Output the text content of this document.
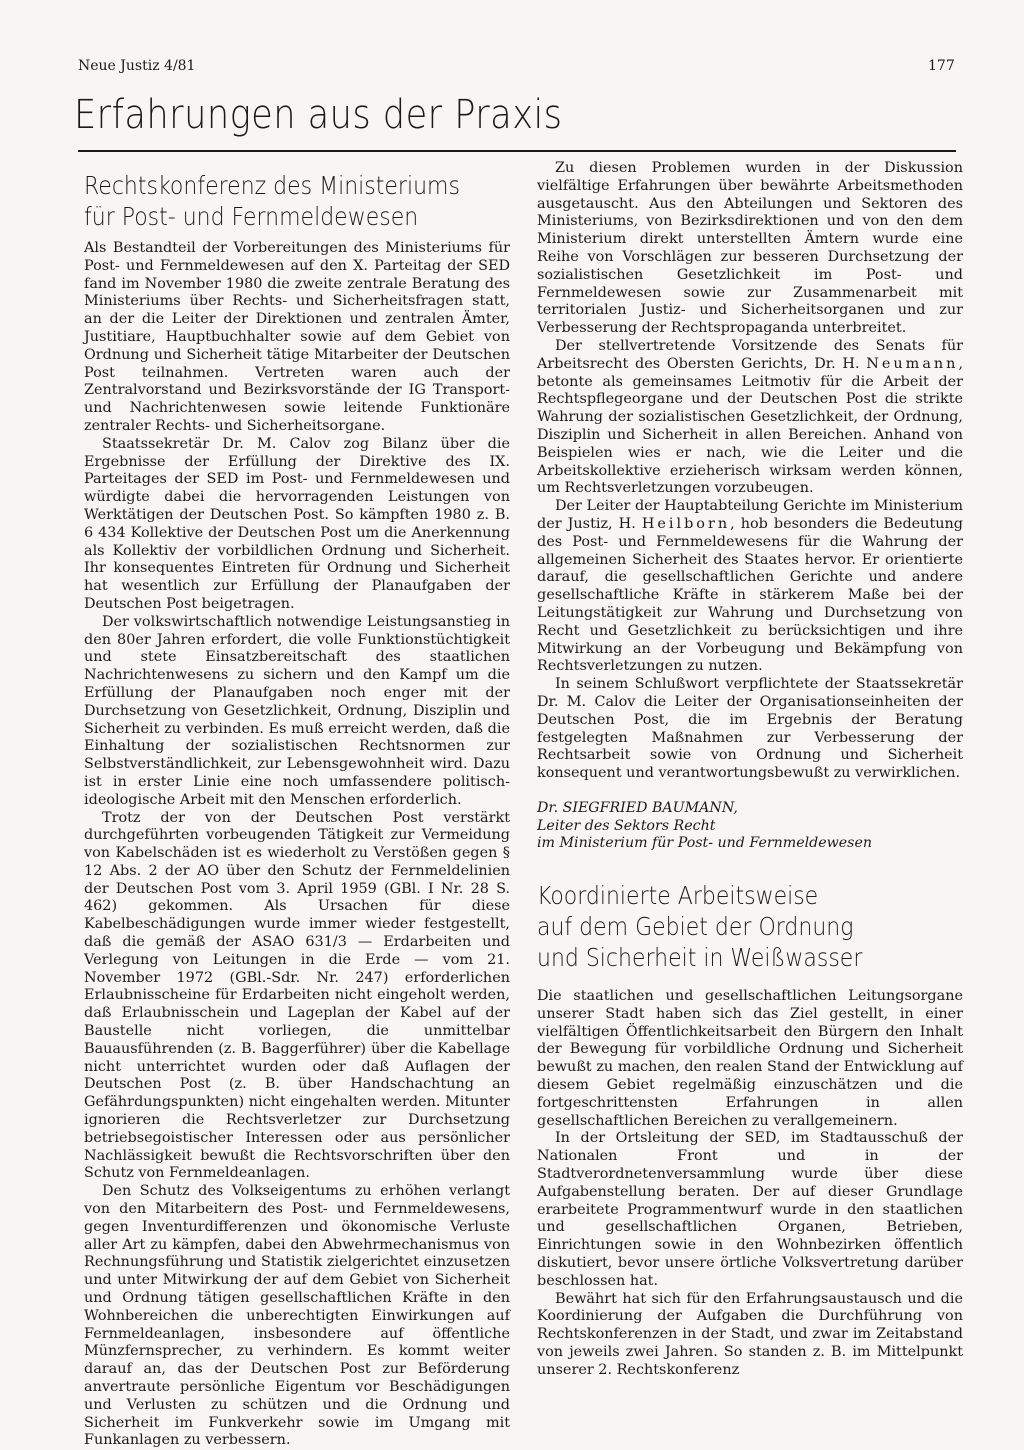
Neue Justiz 4/81	177
Erfahrungen aus der Praxis
Rechtskonferenz des Ministeriums
für Post- und Fernmeldewesen

Als Bestandteil der Vorbereitungen des Ministeriums für Post- und Fernmeldewesen auf den X. Parteitag der SED fand im November 1980 die zweite zentrale Beratung des Ministeriums über Rechts- und Sicherheitsfragen statt, an der die Leiter der Direktionen und zentralen Ämter, Justitiare, Hauptbuchhalter sowie auf dem Gebiet von Ordnung und Sicherheit tätige Mitarbeiter der Deutschen Post teilnahmen. Vertreten waren auch der Zentralvorstand und Bezirksvorstände der IG Transport- und Nachrichtenwesen sowie leitende Funktionäre zentraler Rechts- und Sicherheitsorgane.

Staatssekretär Dr. M. Calov zog Bilanz über die Ergebnisse der Erfüllung der Direktive des IX. Parteitages der SED im Post- und Fernmeldewesen und würdigte dabei die hervorragenden Leistungen von Werktätigen der Deutschen Post. So kämpften 1980 z. B. 6 434 Kollektive der Deutschen Post um die Anerkennung als Kollektiv der vorbildlichen Ordnung und Sicherheit. Ihr konsequentes Eintreten für Ordnung und Sicherheit hat wesentlich zur Erfüllung der Planaufgaben der Deutschen Post beigetragen.

Der volkswirtschaftlich notwendige Leistungsanstieg in den 80er Jahren erfordert, die volle Funktionstüchtigkeit und stete Einsatzbereitschaft des staatlichen Nachrichtenwesens zu sichern und den Kampf um die Erfüllung der Planaufgaben noch enger mit der Durchsetzung von Gesetzlichkeit, Ordnung, Disziplin und Sicherheit zu verbinden. Es muß erreicht werden, daß die Einhaltung der sozialistischen Rechtsnormen zur Selbstverständlichkeit, zur Lebensgewohnheit wird. Dazu ist in erster Linie eine noch umfassendere politisch-ideologische Arbeit mit den Menschen erforderlich.

Trotz der von der Deutschen Post verstärkt durchgeführten vorbeugenden Tätigkeit zur Vermeidung von Kabelschäden ist es wiederholt zu Verstößen gegen § 12 Abs. 2 der AO über den Schutz der Fernmeldelinien der Deutschen Post vom 3. April 1959 (GBl. I Nr. 28 S. 462) gekommen. Als Ursachen für diese Kabelbeschädigungen wurde immer wieder festgestellt, daß die gemäß der ASAO 631/3 — Erdarbeiten und Verlegung von Leitungen in die Erde — vom 21. November 1972 (GBl.-Sdr. Nr. 247) erforderlichen Erlaubnisscheine für Erdarbeiten nicht eingeholt werden, daß Erlaubnisschein und Lageplan der Kabel auf der Baustelle nicht vorliegen, die unmittelbar Bauausführenden (z. B. Baggerführer) über die Kabellage nicht unterrichtet wurden oder daß Auflagen der Deutschen Post (z. B. über Handschachtung an Gefährdungspunkten) nicht eingehalten werden. Mitunter ignorieren die Rechtsverletzer zur Durchsetzung betriebsegoistischer Interessen oder aus persönlicher Nachlässigkeit bewußt die Rechtsvorschriften über den Schutz von Fernmeldeanlagen.

Den Schutz des Volkseigentums zu erhöhen verlangt von den Mitarbeitern des Post- und Fernmeldewesens, gegen Inventurdifferenzen und ökonomische Verluste aller Art zu kämpfen, dabei den Abwehrmechanismus von Rechnungsführung und Statistik zielgerichtet einzusetzen und unter Mitwirkung der auf dem Gebiet von Sicherheit und Ordnung tätigen gesellschaftlichen Kräfte in den Wohnbereichen die unberechtigten Einwirkungen auf Fernmeldeanlagen, insbesondere auf öffentliche Münzfernsprecher, zu verhindern. Es kommt weiter darauf an, das der Deutschen Post zur Beförderung anvertraute persönliche Eigentum vor Beschädigungen und Verlusten zu schützen und die Ordnung und Sicherheit im Funkverkehr sowie im Umgang mit Funkanlagen zu verbessern.

Zu diesen Problemen wurden in der Diskussion vielfältige Erfahrungen über bewährte Arbeitsmethoden ausgetauscht. Aus den Abteilungen und Sektoren des Ministeriums, von Bezirksdirektionen und von den dem Ministerium direkt unterstellten Ämtern wurde eine Reihe von Vorschlägen zur besseren Durchsetzung der sozialistischen Gesetzlichkeit im Post- und Fernmeldewesen sowie zur Zusammenarbeit mit territorialen Justiz- und Sicherheitsorganen und zur Verbesserung der Rechtspropaganda unterbreitet.

Der stellvertretende Vorsitzende des Senats für Arbeitsrecht des Obersten Gerichts, Dr. H. Neumann, betonte als gemeinsames Leitmotiv für die Arbeit der Rechtspflegeorgane und der Deutschen Post die strikte Wahrung der sozialistischen Gesetzlichkeit, der Ordnung, Disziplin und Sicherheit in allen Bereichen. Anhand von Beispielen wies er nach, wie die Leiter und die Arbeitskollektive erzieherisch wirksam werden können, um Rechtsverletzungen vorzubeugen.

Der Leiter der Hauptabteilung Gerichte im Ministerium der Justiz, H. Heilborn, hob besonders die Bedeutung des Post- und Fernmeldewesens für die Wahrung der allgemeinen Sicherheit des Staates hervor. Er orientierte darauf, die gesellschaftlichen Gerichte und andere gesellschaftliche Kräfte in stärkerem Maße bei der Leitungstätigkeit zur Wahrung und Durchsetzung von Recht und Gesetzlichkeit zu berücksichtigen und ihre Mitwirkung an der Vorbeugung und Bekämpfung von Rechtsverletzungen zu nutzen.

In seinem Schlußwort verpflichtete der Staatssekretär Dr. M. Calov die Leiter der Organisationseinheiten der Deutschen Post, die im Ergebnis der Beratung festgelegten Maßnahmen zur Verbesserung der Rechtsarbeit sowie von Ordnung und Sicherheit konsequent und verantwortungsbewußt zu verwirklichen.

Dr. SIEGFRIED BAUMANN,
Leiter des Sektors Recht
im Ministerium für Post- und Fernmeldewesen
Koordinierte Arbeitsweise
auf dem Gebiet der Ordnung
und Sicherheit in Weißwasser

Die staatlichen und gesellschaftlichen Leitungsorgane unserer Stadt haben sich das Ziel gestellt, in einer vielfältigen Öffentlichkeitsarbeit den Bürgern den Inhalt der Bewegung für vorbildliche Ordnung und Sicherheit bewußt zu machen, den realen Stand der Entwicklung auf diesem Gebiet regelmäßig einzuschätzen und die fortgeschrittensten Erfahrungen in allen gesellschaftlichen Bereichen zu verallgemeinern.

In der Ortsleitung der SED, im Stadtausschuß der Nationalen Front und in der Stadtverordnetenversammlung wurde über diese Aufgabenstellung beraten. Der auf dieser Grundlage erarbeitete Programmentwurf wurde in den staatlichen und gesellschaftlichen Organen, Betrieben, Einrichtungen sowie in den Wohnbezirken öffentlich diskutiert, bevor unsere örtliche Volksvertretung darüber beschlossen hat.

Bewährt hat sich für den Erfahrungsaustausch und die Koordinierung der Aufgaben die Durchführung von Rechtskonferenzen in der Stadt, und zwar im Zeitabstand von jeweils zwei Jahren. So standen z. B. im Mittelpunkt unserer 2. Rechtskonferenz
